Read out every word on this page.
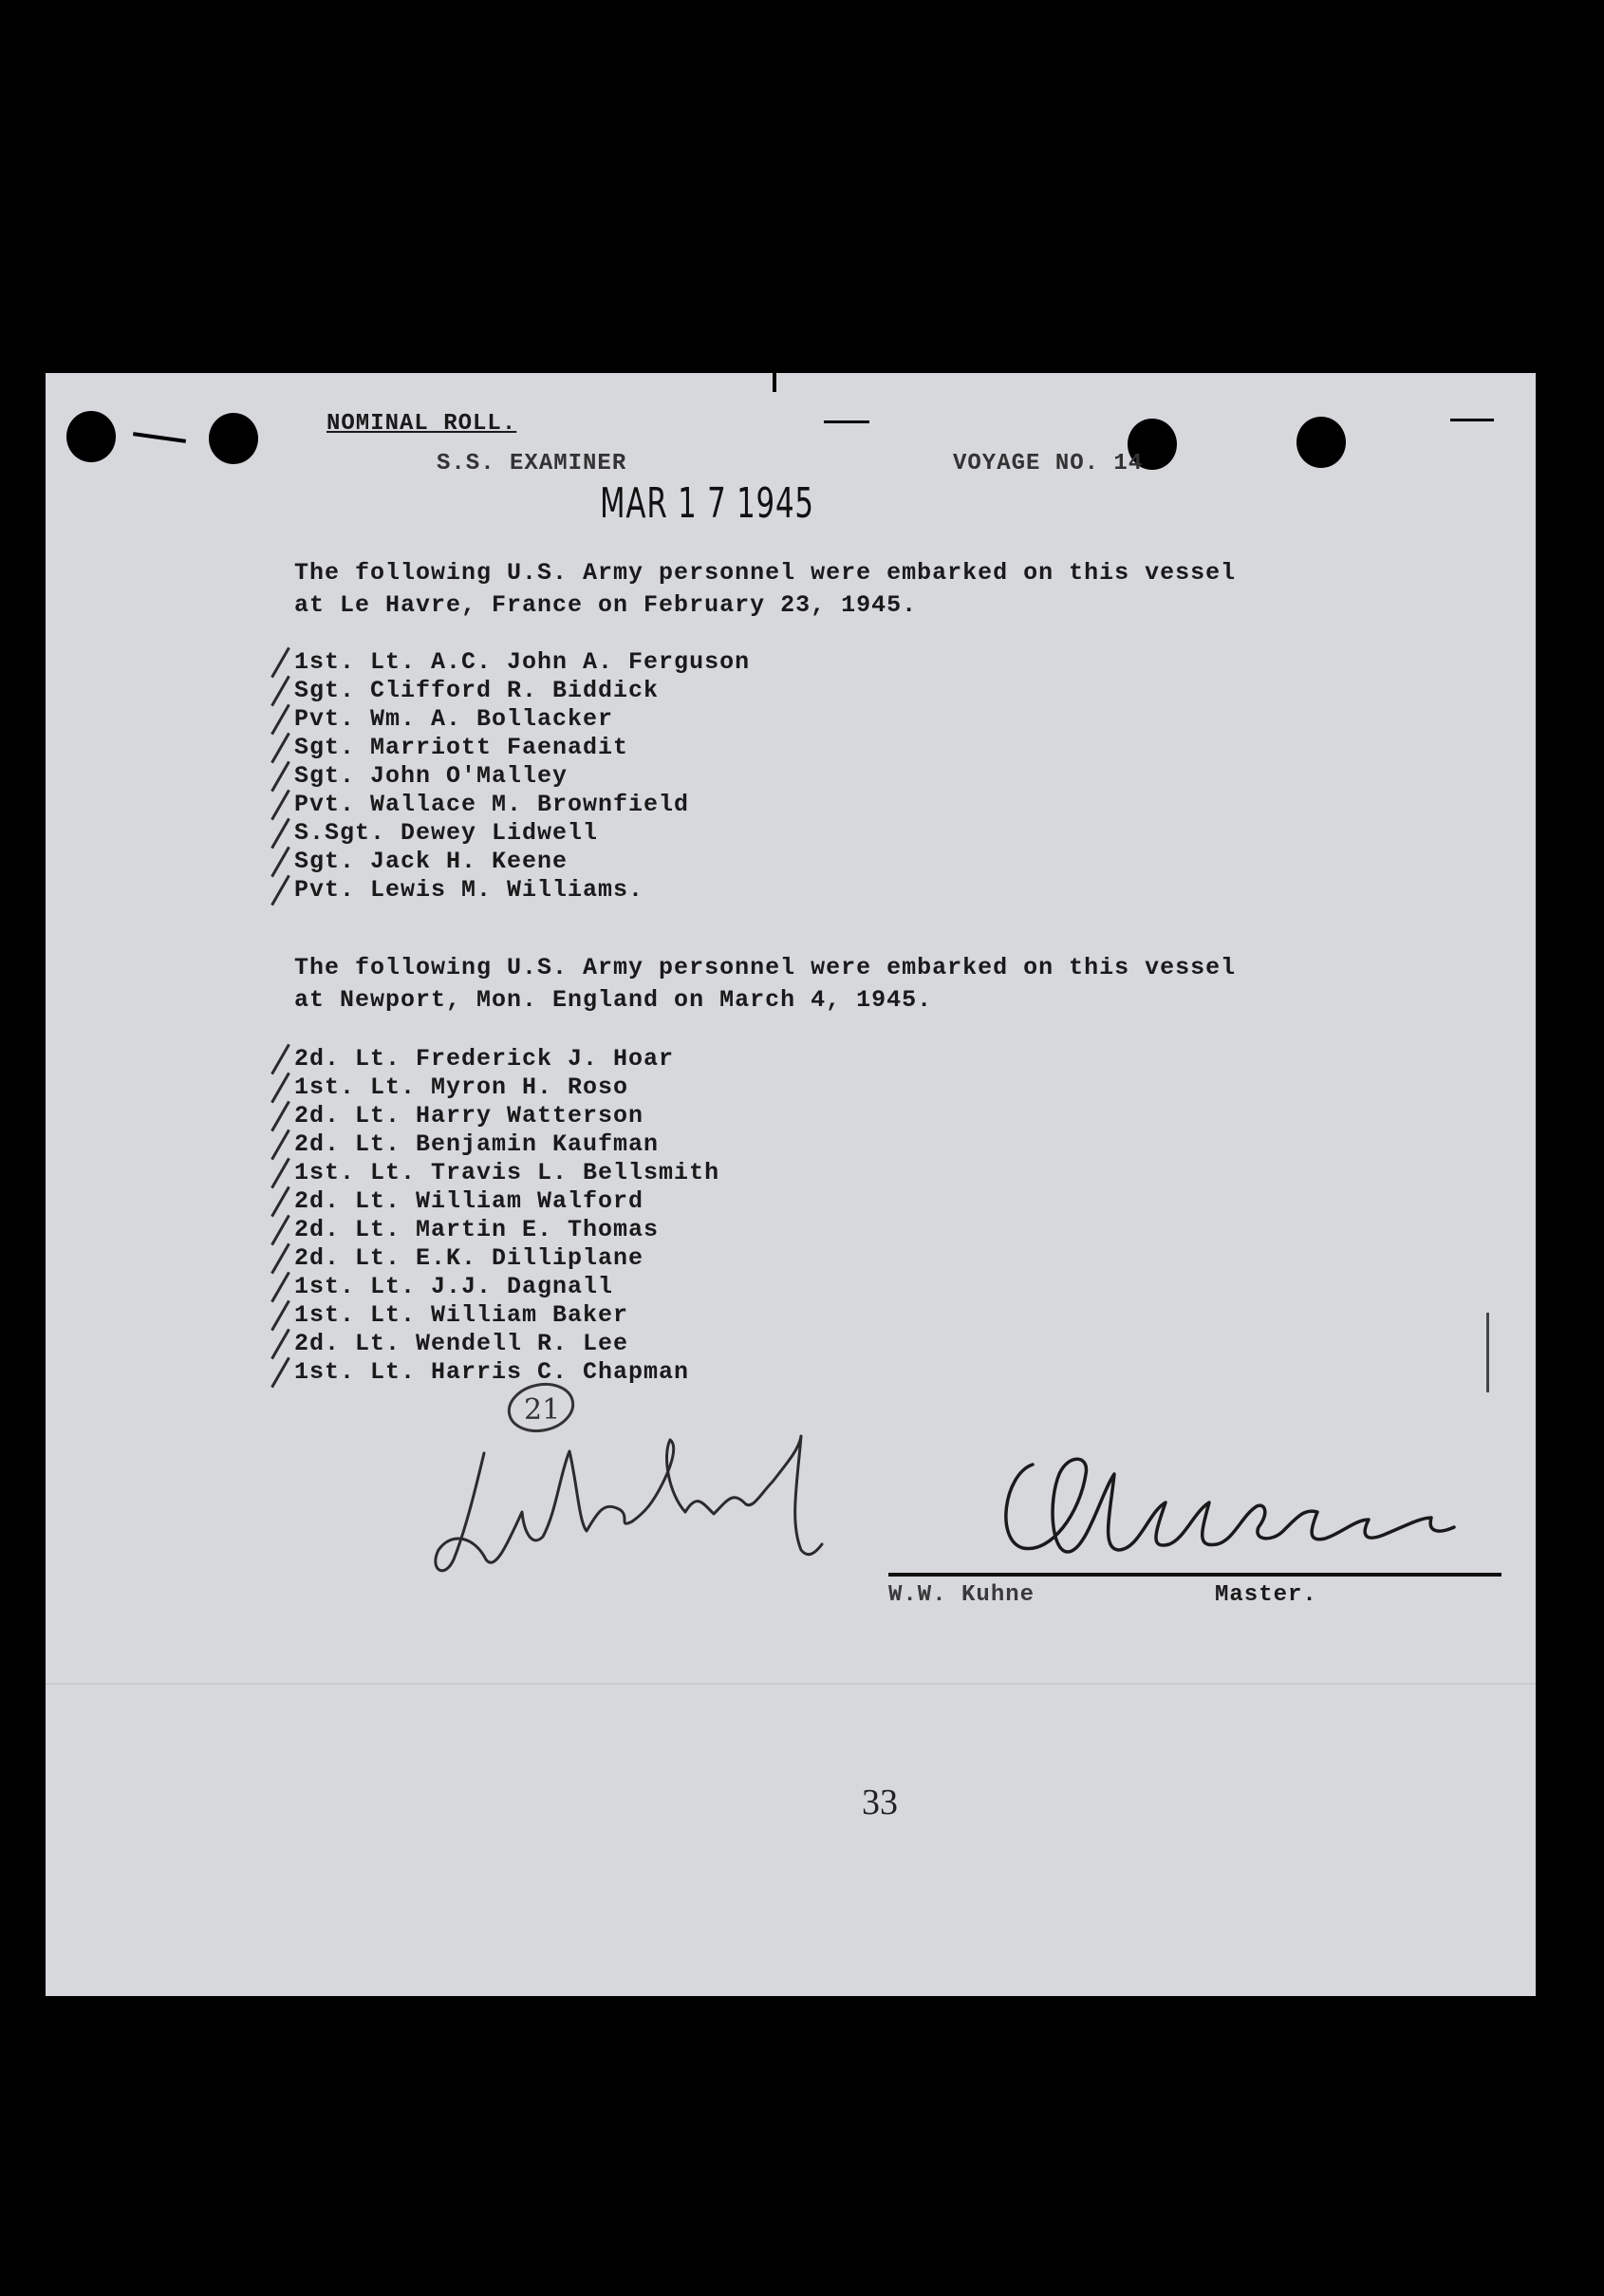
NOMINAL ROLL.
S.S. EXAMINER	VOYAGE NO. 14
MAR 1 7 1945
The following U.S. Army personnel were embarked on this vessel
at Le Havre, France on February 23, 1945.
1st. Lt. A.C. John A. Ferguson
Sgt. Clifford R. Biddick
Pvt. Wm. A. Bollacker
Sgt. Marriott Faenadit
Sgt. John O'Malley
Pvt. Wallace M. Brownfield
S.Sgt. Dewey Lidwell
Sgt. Jack H. Keene
Pvt. Lewis M. Williams.
The following U.S. Army personnel were embarked on this vessel
at Newport, Mon. England on March 4, 1945.
2d. Lt. Frederick J. Hoar
1st. Lt. Myron H. Roso
2d. Lt. Harry Watterson
2d. Lt. Benjamin Kaufman
1st. Lt. Travis L. Bellsmith
2d. Lt. William Walford
2d. Lt. Martin E. Thomas
2d. Lt. E.K. Dilliplane
1st. Lt. J.J. Dagnall
1st. Lt. William Baker
2d. Lt. Wendell R. Lee
1st. Lt. Harris C. Chapman
21
W.W. Kuhne	Master.
33
